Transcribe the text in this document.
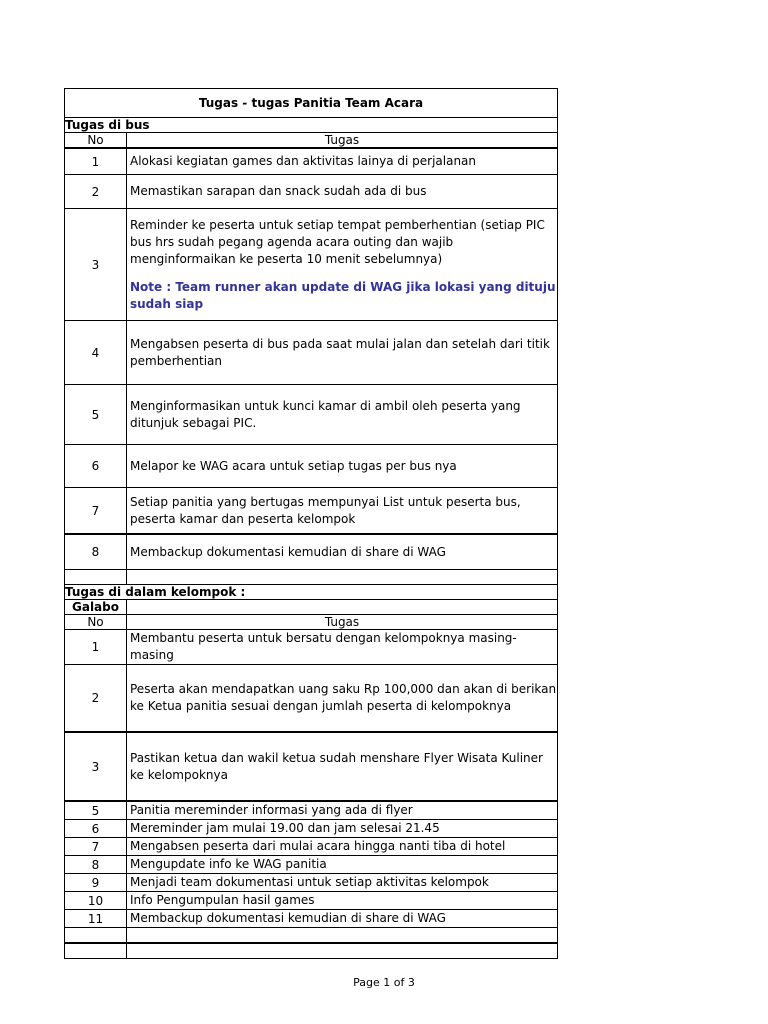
Tugas - tugas Panitia Team Acara	
Tugas di bus	
No	Tugas
1	Alokasi kegiatan games dan aktivitas lainya di perjalanan
2	Memastikan sarapan dan snack sudah ada di bus
3	Reminder ke peserta untuk setiap tempat pemberhentian (setiap PIC bus hrs sudah pegang agenda acara outing dan wajib menginformaikan ke peserta 10 menit sebelumnya)
Note : Team runner akan update di WAG jika lokasi yang dituju sudah siap

4	Mengabsen peserta di bus pada saat mulai jalan dan setelah dari titik pemberhentian
5	Menginformasikan untuk kunci kamar di ambil oleh peserta yang ditunjuk sebagai PIC.
6	Melapor ke WAG acara untuk setiap tugas per bus nya
7	Setiap panitia yang bertugas mempunyai List untuk peserta bus, peserta kamar dan peserta kelompok
8	Membackup dokumentasi kemudian di share di WAG

Tugas di dalam kelompok :	
Galabo	
No	Tugas
1	Membantu peserta untuk bersatu dengan kelompoknya masing-masing
2	Peserta akan mendapatkan uang saku Rp 100,000 dan akan di berikan ke Ketua panitia sesuai dengan jumlah peserta di kelompoknya
3	Pastikan ketua dan wakil ketua sudah menshare Flyer Wisata Kuliner ke kelompoknya
5	Panitia mereminder informasi yang ada di flyer
6	Mereminder jam mulai 19.00 dan jam selesai 21.45
7	Mengabsen peserta dari mulai acara hingga nanti tiba di hotel
8	Mengupdate info ke WAG panitia
9	Menjadi team dokumentasi untuk setiap aktivitas kelompok
10	Info Pengumpulan hasil games
11	Membackup dokumentasi kemudian di share di WAG

Page 1 of 3
